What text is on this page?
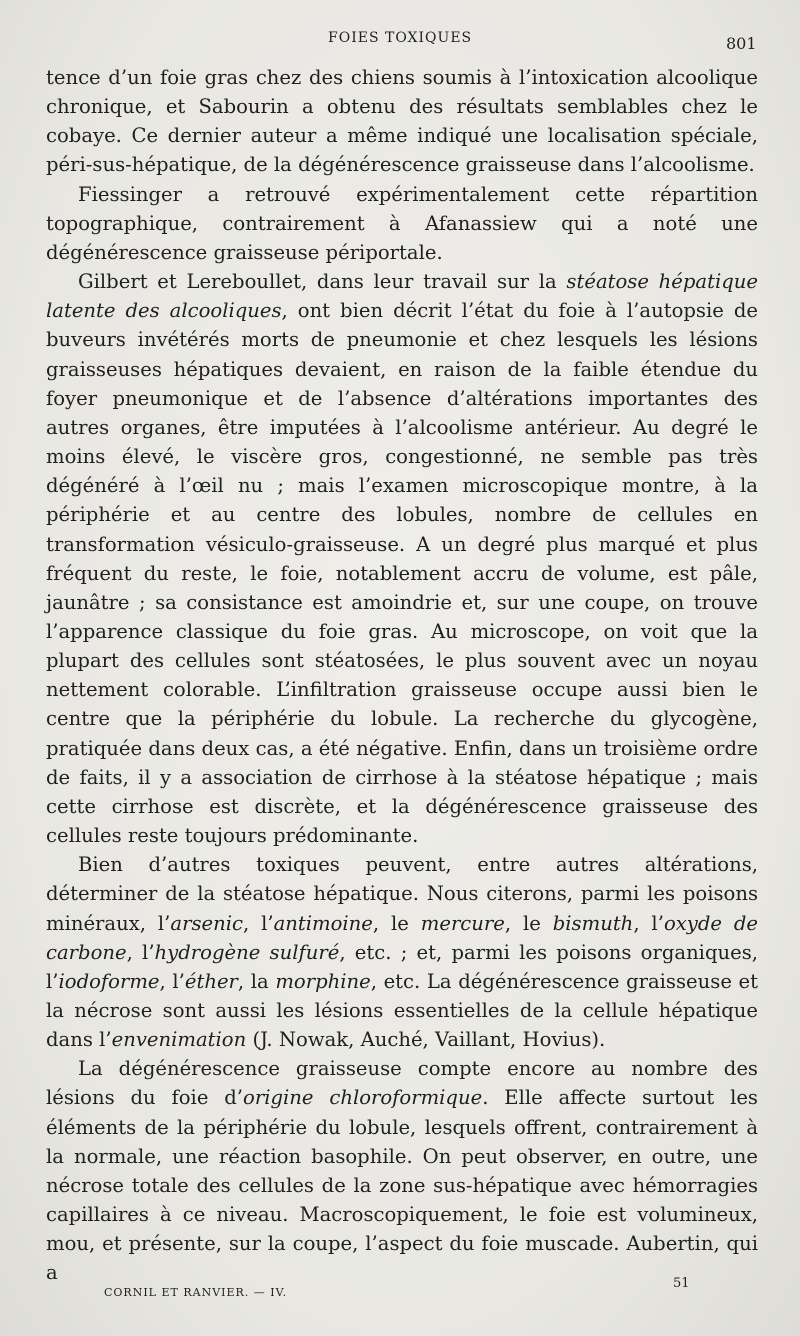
FOIES TOXIQUES	801

tence d’un foie gras chez des chiens soumis à l’intoxication alcoolique chronique, et Sabourin a obtenu des résultats semblables chez le cobaye. Ce dernier auteur a même indiqué une localisation spéciale, péri-sus-hépatique, de la dégénérescence graisseuse dans l’alcoolisme.

Fiessinger a retrouvé expérimentalement cette répartition topographique, contrairement à Afanassiew qui a noté une dégénérescence graisseuse périportale.

Gilbert et Lereboullet, dans leur travail sur la stéatose hépatique latente des alcooliques, ont bien décrit l’état du foie à l’autopsie de buveurs invétérés morts de pneumonie et chez lesquels les lésions graisseuses hépatiques devaient, en raison de la faible étendue du foyer pneumonique et de l’absence d’altérations importantes des autres organes, être imputées à l’alcoolisme antérieur. Au degré le moins élevé, le viscère gros, congestionné, ne semble pas très dégénéré à l’œil nu ; mais l’examen microscopique montre, à la périphérie et au centre des lobules, nombre de cellules en transformation vésiculo-graisseuse. A un degré plus marqué et plus fréquent du reste, le foie, notablement accru de volume, est pâle, jaunâtre ; sa consistance est amoindrie et, sur une coupe, on trouve l’apparence classique du foie gras. Au microscope, on voit que la plupart des cellules sont stéatosées, le plus souvent avec un noyau nettement colorable. L’infiltration graisseuse occupe aussi bien le centre que la périphérie du lobule. La recherche du glycogène, pratiquée dans deux cas, a été négative. Enfin, dans un troisième ordre de faits, il y a association de cirrhose à la stéatose hépatique ; mais cette cirrhose est discrète, et la dégénérescence graisseuse des cellules reste toujours prédominante.

Bien d’autres toxiques peuvent, entre autres altérations, déterminer de la stéatose hépatique. Nous citerons, parmi les poisons minéraux, l’arsenic, l’antimoine, le mercure, le bismuth, l’oxyde de carbone, l’hydrogène sulfuré, etc. ; et, parmi les poisons organiques, l’iodoforme, l’éther, la morphine, etc. La dégénérescence graisseuse et la nécrose sont aussi les lésions essentielles de la cellule hépatique dans l’envenimation (J. Nowak, Auché, Vaillant, Hovius).

La dégénérescence graisseuse compte encore au nombre des lésions du foie d’origine chloroformique. Elle affecte surtout les éléments de la périphérie du lobule, lesquels offrent, contrairement à la normale, une réaction basophile. On peut observer, en outre, une nécrose totale des cellules de la zone sus-hépatique avec hémorragies capillaires à ce niveau. Macroscopiquement, le foie est volumineux, mou, et présente, sur la coupe, l’aspect du foie muscade. Aubertin, qui a

CORNIL ET RANVIER. — IV.
51
